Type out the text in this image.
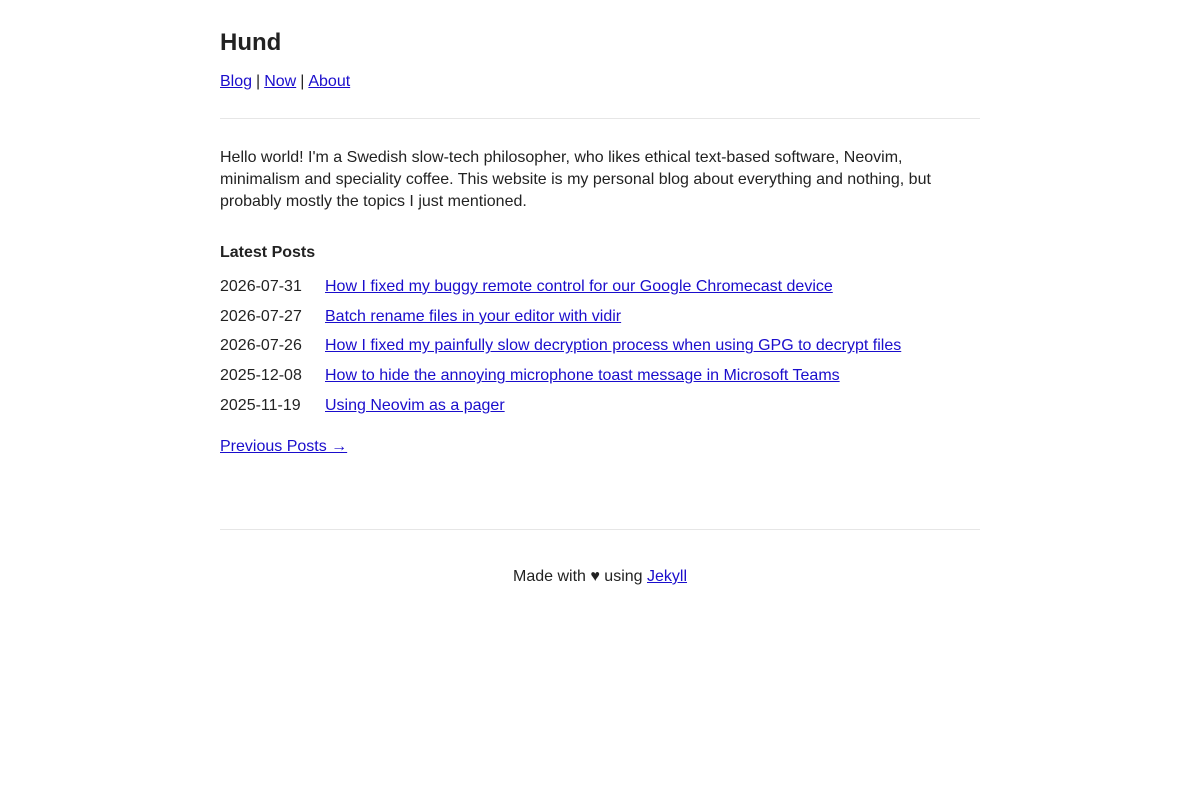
Hund
Blog | Now | About

Hello world! I'm a Swedish slow-tech philosopher, who likes ethical text-based software, Neovim, minimalism and speciality coffee. This website is my personal blog about everything and nothing, but probably mostly the topics I just mentioned.

Latest Posts
2026-07-31	How I fixed my buggy remote control for our Google Chromecast device
2026-07-27	Batch rename files in your editor with vidir
2026-07-26	How I fixed my painfully slow decryption process when using GPG to decrypt files
2025-12-08	How to hide the annoying microphone toast message in Microsoft Teams
2025-11-19	Using Neovim as a pager
Previous Posts →
Made with ♥ using Jekyll
